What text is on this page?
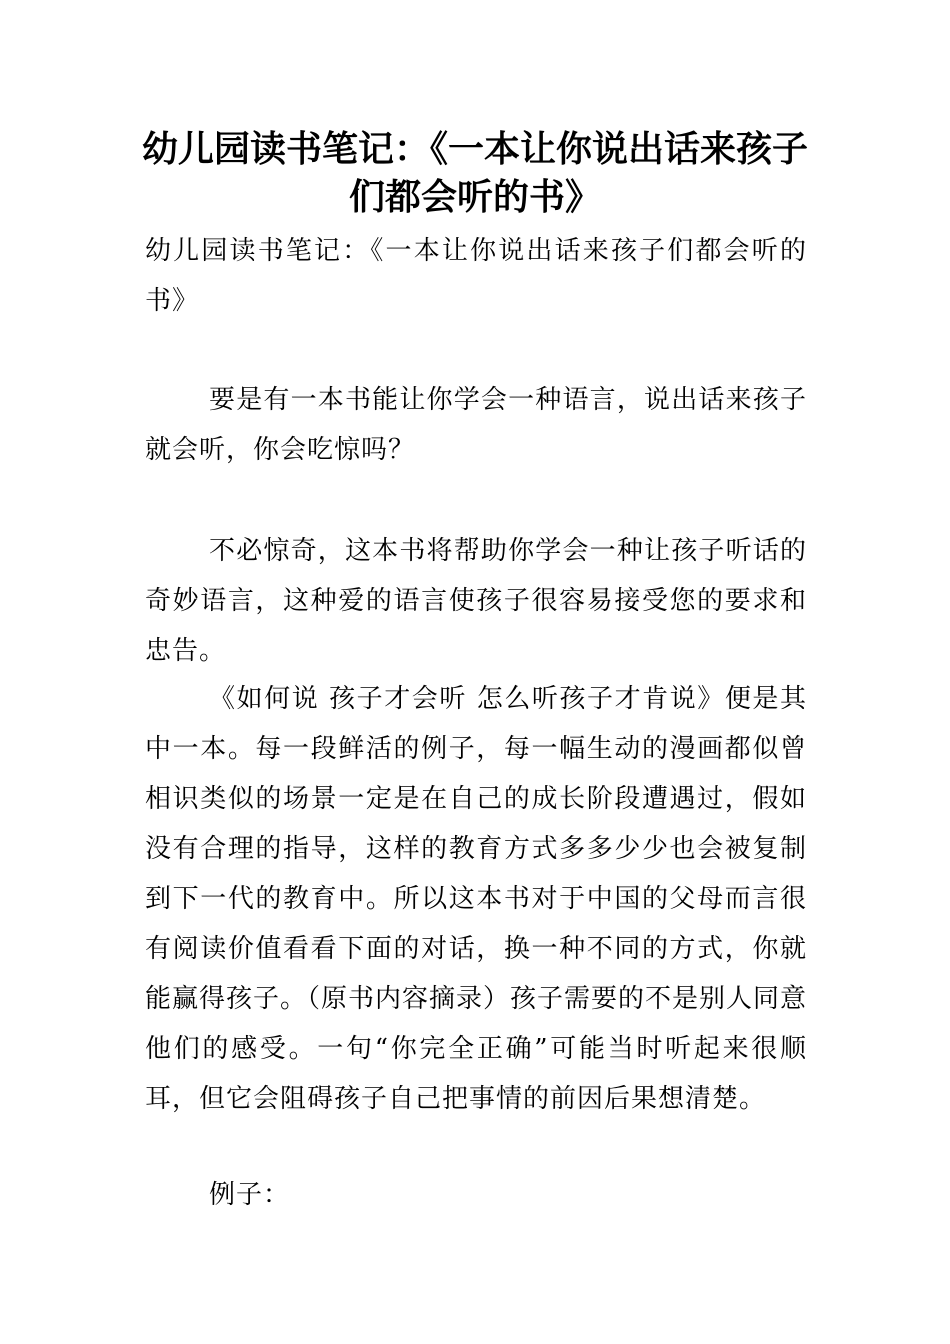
幼儿园读书笔记：《一本让你说出话来孩子们都会听的书》
幼儿园读书笔记：《一本让你说出话来孩子们都会听的书》
要是有一本书能让你学会一种语言，说出话来孩子就会听，你会吃惊吗？
不必惊奇，这本书将帮助你学会一种让孩子听话的奇妙语言，这种爱的语言使孩子很容易接受您的要求和忠告。
《如何说 孩子才会听 怎么听孩子才肯说》便是其中一本。每一段鲜活的例子，每一幅生动的漫画都似曾相识类似的场景一定是在自己的成长阶段遭遇过，假如没有合理的指导，这样的教育方式多多少少也会被复制到下一代的教育中。所以这本书对于中国的父母而言很有阅读价值看看下面的对话，换一种不同的方式，你就能赢得孩子。（原书内容摘录）孩子需要的不是别人同意他们的感受。一句“你完全正确”可能当时听起来很顺耳，但它会阻碍孩子自己把事情的前因后果想清楚。
例子：
